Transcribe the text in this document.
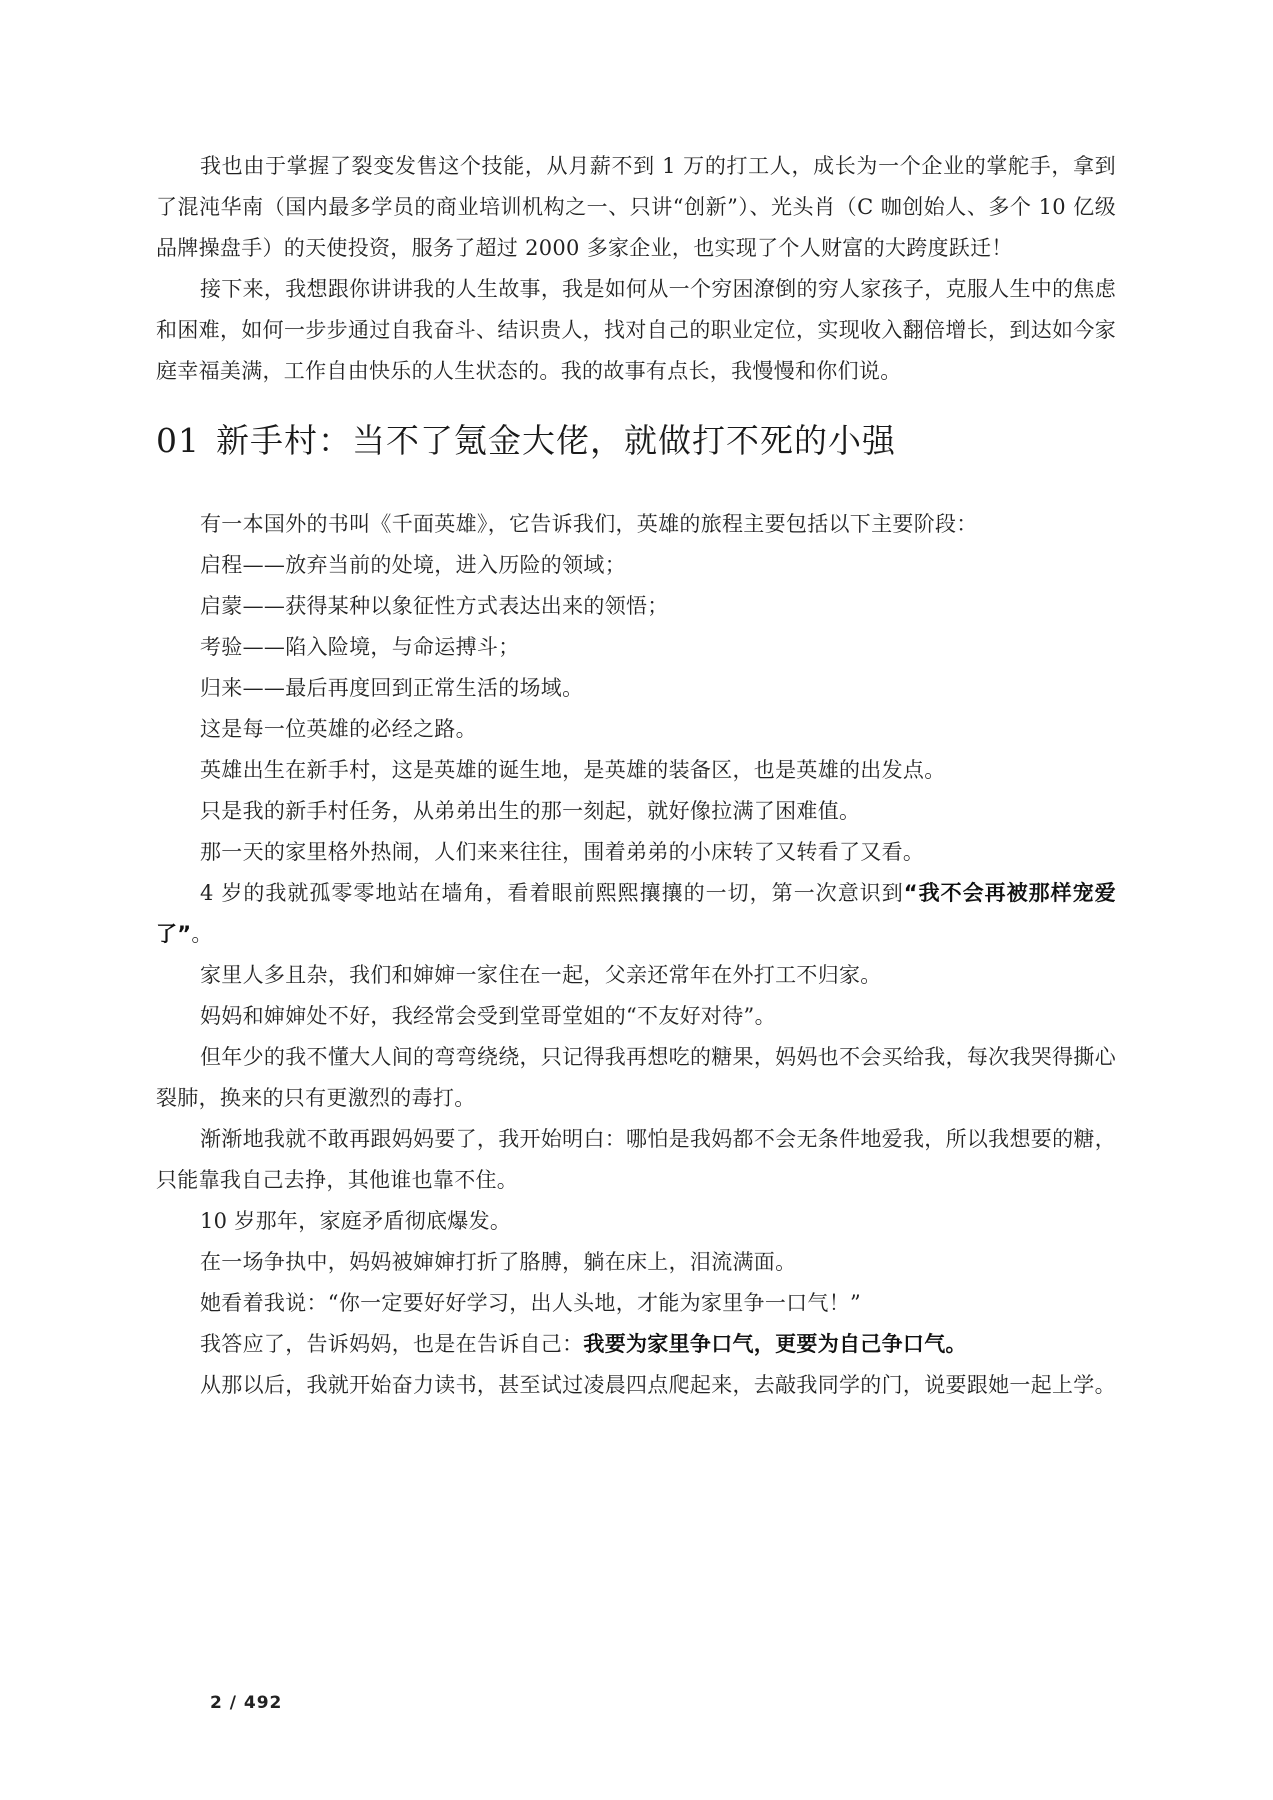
我也由于掌握了裂变发售这个技能，从月薪不到 1 万的打工人，成长为一个企业的掌舵手，拿到了混沌华南（国内最多学员的商业培训机构之一、只讲“创新”）、光头肖（C 咖创始人、多个 10 亿级品牌操盘手）的天使投资，服务了超过 2000 多家企业，也实现了个人财富的大跨度跃迁！

接下来，我想跟你讲讲我的人生故事，我是如何从一个穷困潦倒的穷人家孩子，克服人生中的焦虑和困难，如何一步步通过自我奋斗、结识贵人，找对自己的职业定位，实现收入翻倍增长，到达如今家庭幸福美满，工作自由快乐的人生状态的。我的故事有点长，我慢慢和你们说。

01 新手村：当不了氪金大佬，就做打不死的小强

有一本国外的书叫《千面英雄》，它告诉我们，英雄的旅程主要包括以下主要阶段：

启程——放弃当前的处境，进入历险的领域；

启蒙——获得某种以象征性方式表达出来的领悟；

考验——陷入险境，与命运搏斗；

归来——最后再度回到正常生活的场域。

这是每一位英雄的必经之路。

英雄出生在新手村，这是英雄的诞生地，是英雄的装备区，也是英雄的出发点。

只是我的新手村任务，从弟弟出生的那一刻起，就好像拉满了困难值。

那一天的家里格外热闹，人们来来往往，围着弟弟的小床转了又转看了又看。

4 岁的我就孤零零地站在墙角，看着眼前熙熙攘攘的一切，第一次意识到“我不会再被那样宠爱了”。

家里人多且杂，我们和婶婶一家住在一起，父亲还常年在外打工不归家。

妈妈和婶婶处不好，我经常会受到堂哥堂姐的“不友好对待”。

但年少的我不懂大人间的弯弯绕绕，只记得我再想吃的糖果，妈妈也不会买给我，每次我哭得撕心裂肺，换来的只有更激烈的毒打。

渐渐地我就不敢再跟妈妈要了，我开始明白：哪怕是我妈都不会无条件地爱我，所以我想要的糖，只能靠我自己去挣，其他谁也靠不住。

10 岁那年，家庭矛盾彻底爆发。

在一场争执中，妈妈被婶婶打折了胳膊，躺在床上，泪流满面。

她看着我说：“你一定要好好学习，出人头地，才能为家里争一口气！”

我答应了，告诉妈妈，也是在告诉自己：我要为家里争口气，更要为自己争口气。

从那以后，我就开始奋力读书，甚至试过凌晨四点爬起来，去敲我同学的门，说要跟她一起上学。

2 / 492
